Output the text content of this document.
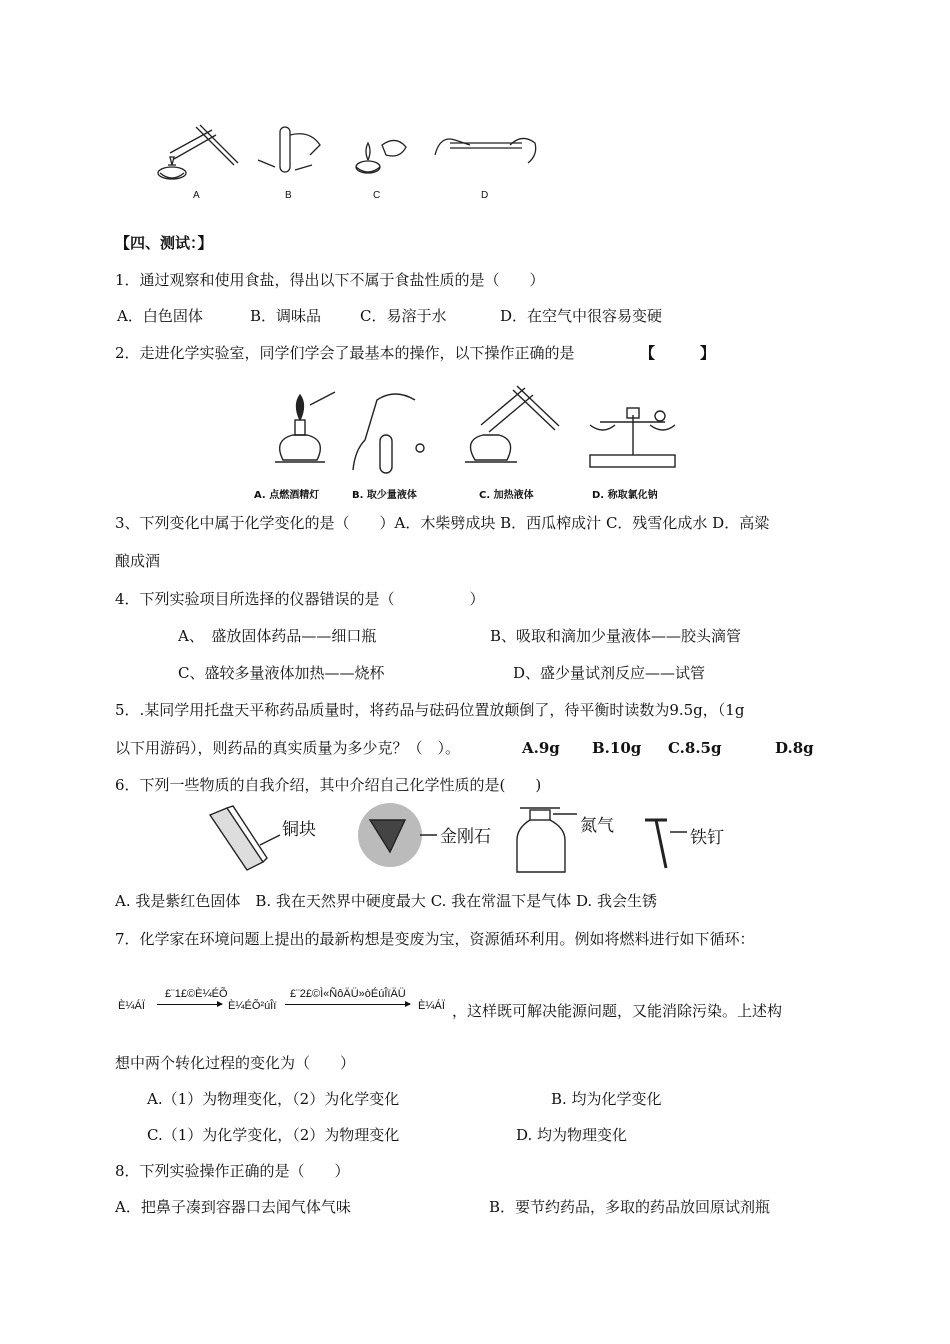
A	B	C	D
【四、测试：】
1．通过观察和使用食盐，得出以下不属于食盐性质的是（　　）
A．白色固体	B．调味品	C．易溶于水	D．在空气中很容易变硬
2．走进化学实验室，同学们学会了最基本的操作，以下操作正确的是	【　　　】
A. 点燃酒精灯	B. 取少量液体	C. 加热液体	D. 称取氯化钠
3、下列变化中属于化学变化的是（　　）A．木柴劈成块 B．西瓜榨成汁 C．残雪化成水 D．高粱
酿成酒
4．下列实验项目所选择的仪器错误的是（　　　　　）
A、　盛放固体药品——细口瓶	B、吸取和滴加少量液体——胶头滴管
C、盛较多量液体加热——烧杯	D、盛少量试剂反应——试管
5．.某同学用托盘天平称药品质量时，将药品与砝码位置放颠倒了，待平衡时读数为9.5g，（1g
以下用游码），则药品的真实质量为多少克？（　）。	A.9g B.10g C.8.5g	D.8g
6．下列一些物质的自我介绍，其中介绍自己化学性质的是(　　)
铜块	金刚石
氮气
铁钉
A. 我是紫红色固体　B. 我在天然界中硬度最大 C. 我在常温下是气体 D. 我会生锈
7．化学家在环境问题上提出的最新构想是变废为宝，资源循环利用。例如将燃料进行如下循环：
È¼ÁÏ
£¨1£©È¼ÉÕ
È¼ÉÕ²úÎï
£¨2£©Ì«ÑôÄÜ»òÉúÎïÄÜ
È¼ÁÏ ，这样既可解决能源问题，又能消除污染。上述构
想中两个转化过程的变化为（　　）
A.（1）为物理变化，（2）为化学变化	B. 均为化学变化
C.（1）为化学变化，（2）为物理变化	D. 均为物理变化
8．下列实验操作正确的是（　　）
A．把鼻子凑到容器口去闻气体气味	B．要节约药品，多取的药品放回原试剂瓶
